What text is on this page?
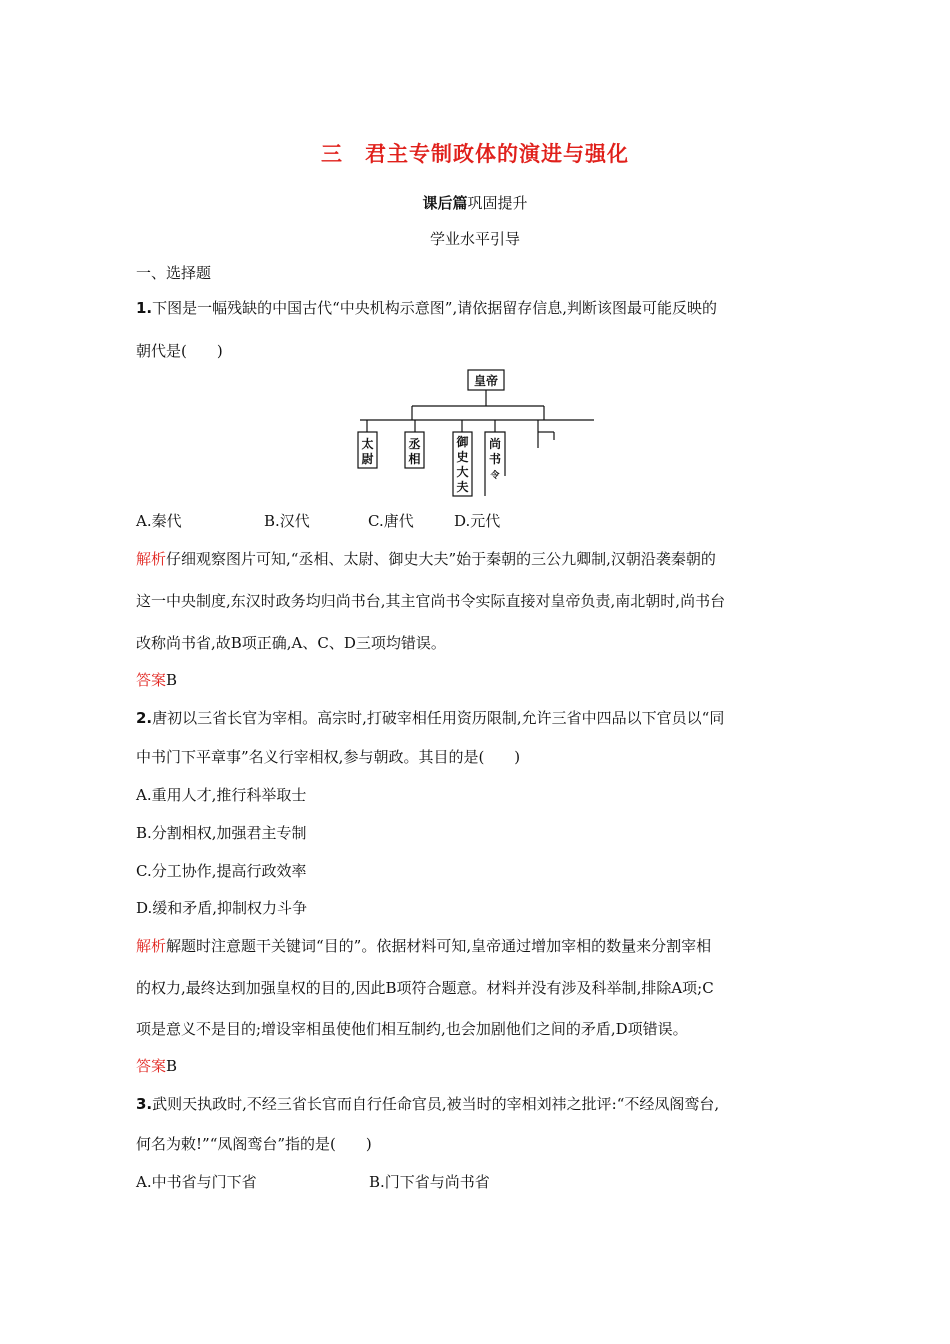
三 君主专制政体的演进与强化
课后篇巩固提升
学业水平引导
一、选择题
1.下图是一幅残缺的中国古代“中央机构示意图”,请依据留存信息,判断该图最可能反映的
朝代是(　　)
皇帝
太
尉
丞
相
御
史
大
夫
尚
书
令
A.秦代	B.汉代	C.唐代	D.元代
解析仔细观察图片可知,“丞相、太尉、御史大夫”始于秦朝的三公九卿制,汉朝沿袭秦朝的
这一中央制度,东汉时政务均归尚书台,其主官尚书令实际直接对皇帝负责,南北朝时,尚书台
改称尚书省,故B项正确,A、C、D三项均错误。
答案B
2.唐初以三省长官为宰相。高宗时,打破宰相任用资历限制,允许三省中四品以下官员以“同
中书门下平章事”名义行宰相权,参与朝政。其目的是(　　)
A.重用人才,推行科举取士
B.分割相权,加强君主专制
C.分工协作,提高行政效率
D.缓和矛盾,抑制权力斗争
解析解题时注意题干关键词“目的”。依据材料可知,皇帝通过增加宰相的数量来分割宰相
的权力,最终达到加强皇权的目的,因此B项符合题意。材料并没有涉及科举制,排除A项;C
项是意义不是目的;增设宰相虽使他们相互制约,也会加剧他们之间的矛盾,D项错误。
答案B
3.武则天执政时,不经三省长官而自行任命官员,被当时的宰相刘祎之批评:“不经凤阁鸾台,
何名为敕!”“凤阁鸾台”指的是(　　)
A.中书省与门下省	B.门下省与尚书省
